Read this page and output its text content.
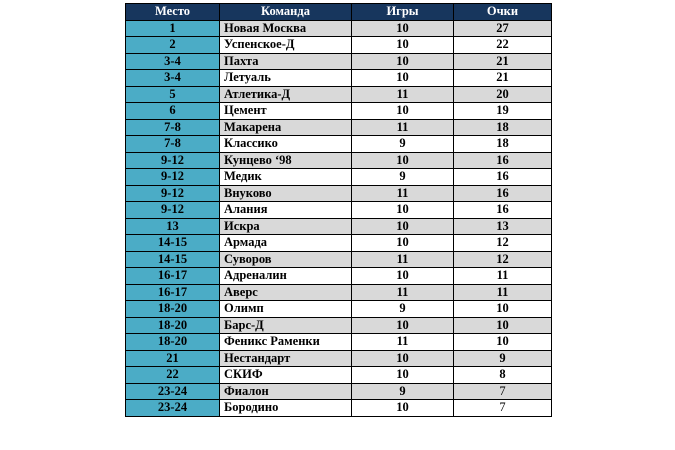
Место	Команда	Игры	Очки
1	Новая Москва	10	27
2	Успенское-Д	10	22
3-4	Пахта	10	21
3-4	Летуаль	10	21
5	Атлетика-Д	11	20
6	Цемент	10	19
7-8	Макарена	11	18
7-8	Классико	9	18
9-12	Кунцево ‘98	10	16
9-12	Медик	9	16
9-12	Внуково	11	16
9-12	Алания	10	16
13	Искра	10	13
14-15	Армада	10	12
14-15	Суворов	11	12
16-17	Адреналин	10	11
16-17	Аверс	11	11
18-20	Олимп	9	10
18-20	Барс-Д	10	10
18-20	Феникс Раменки	11	10
21	Нестандарт	10	9
22	СКИФ	10	8
23-24	Фиалон	9	7
23-24	Бородино	10	7
